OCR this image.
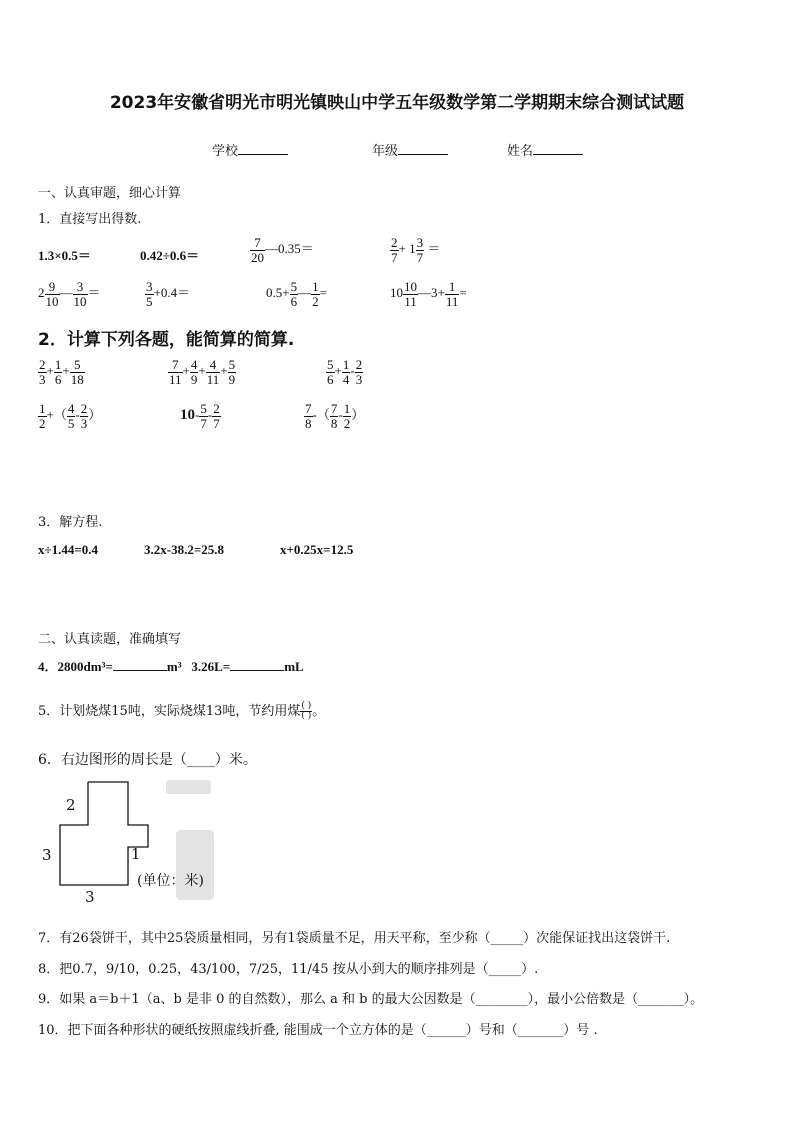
2023年安徽省明光市明光镇映山中学五年级数学第二学期期末综合测试试题
学校	年级	姓名
一、认真审题，细心计算
1．直接写出得数.
1.3×0.5＝	0.42÷0.6＝	$\frac{7}{20}$ —0.35＝	$\frac{2}{7} + 1 \frac{3}{7}$ ＝
$2 \frac{9}{10}$ — $\frac{3}{10}$ ＝	$\frac{3}{5} +0.4=$	$0.5+ \frac{5}{6}$ — $\frac{1}{2}$ =	$10 \frac{10}{11}$ —3+ $\frac{1}{11}$ =
2．计算下列各题，能简算的简算.
$\frac{2}{3} + \frac{1}{6} + \frac{5}{18}$	$\frac{7}{11} + \frac{4}{9} + \frac{4}{11} + \frac{5}{9}$	$\frac{5}{6} + \frac{1}{4} - \frac{2}{3}$
$\frac{1}{2}$ +（ $\frac{4}{5} - \frac{2}{3}$ ）	$10- \frac{5}{7} - \frac{2}{7}$	$\frac{7}{8}$ -（ $\frac{7}{8} - \frac{1}{2}$ ）
3．解方程.
x÷1.44=0.4	3.2x-38.2=25.8	x+0.25x=12.5
二、认真读题，准确填写
4．2800dm³=	m³ 3.26L=	mL
5．计划烧煤15吨，实际烧煤13吨，节约用煤 $\frac{( )}{( )}$ 。
6．右边图形的周长是（____）米。
2
3	1
3
(单位：米)
7．有26袋饼干，其中25袋质量相同，另有1袋质量不足，用天平称，至少称（_____）次能保证找出这袋饼干.
8．把0.7，9/10，0.25，43/100，7/25，11/45 按从小到大的顺序排列是（_____）.
9．如果 a＝b＋1（a、b 是非 0 的自然数），那么 a 和 b 的最大公因数是（________），最小公倍数是（_______）。
10．把下面各种形状的硬纸按照虚线折叠, 能围成一个立方体的是（______）号和（_______）号 .
